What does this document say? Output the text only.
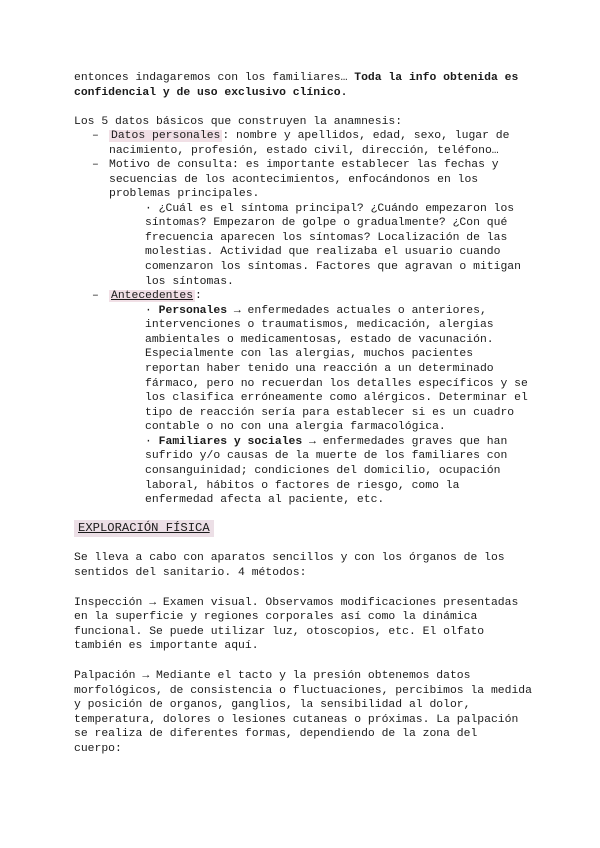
entonces indagaremos con los familiares… Toda la info obtenida es
confidencial y de uso exclusivo clínico.
Los 5 datos básicos que construyen la anamnesis:
– Datos personales : nombre y apellidos, edad, sexo, lugar de
nacimiento, profesión, estado civil, dirección, teléfono…
– Motivo de consulta: es importante establecer las fechas y
secuencias de los acontecimientos, enfocándonos en los
problemas principales.
· ¿Cuál es el síntoma principal? ¿Cuándo empezaron los
síntomas? Empezaron de golpe o gradualmente? ¿Con qué
frecuencia aparecen los síntomas? Localización de las
molestias. Actividad que realizaba el usuario cuando
comenzaron los síntomas. Factores que agravan o mitigan
los síntomas.
– Antecedentes :
· Personales → enfermedades actuales o anteriores,
intervenciones o traumatismos, medicación, alergias
ambientales o medicamentosas, estado de vacunación.
Especialmente con las alergias, muchos pacientes
reportan haber tenido una reacción a un determinado
fármaco, pero no recuerdan los detalles específicos y se
los clasifica erróneamente como alérgicos. Determinar el
tipo de reacción sería para establecer si es un cuadro
contable o no con una alergia farmacológica.
· Familiares y sociales → enfermedades graves que han
sufrido y/o causas de la muerte de los familiares con
consanguinidad; condiciones del domicilio, ocupación
laboral, hábitos o factores de riesgo, como la
enfermedad afecta al paciente, etc.
EXPLORACIÓN FÍSICA
Se lleva a cabo con aparatos sencillos y con los órganos de los
sentidos del sanitario. 4 métodos:
Inspección → Examen visual. Observamos modificaciones presentadas
en la superficie y regiones corporales así como la dinámica
funcional. Se puede utilizar luz, otoscopios, etc. El olfato
también es importante aquí.
Palpación → Mediante el tacto y la presión obtenemos datos
morfológicos, de consistencia o fluctuaciones, percibimos la medida
y posición de organos, ganglios, la sensibilidad al dolor,
temperatura, dolores o lesiones cutaneas o próximas. La palpación
se realiza de diferentes formas, dependiendo de la zona del
cuerpo:
